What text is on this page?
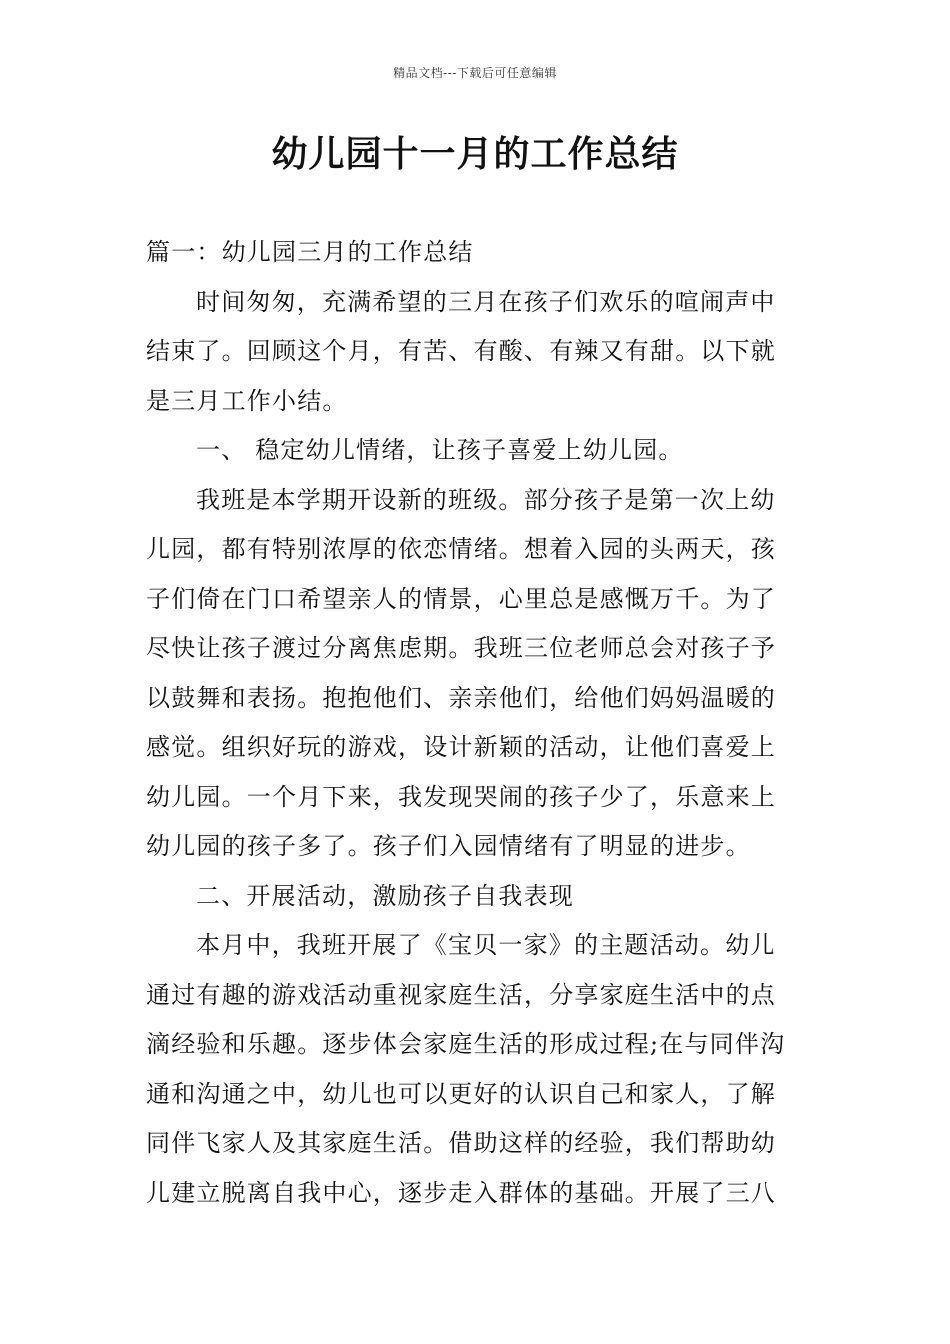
精品文档---下载后可任意编辑
幼儿园十一月的工作总结
篇一：幼儿园三月的工作总结
时间匆匆，充满希望的三月在孩子们欢乐的喧闹声中
结束了。回顾这个月，有苦、有酸、有辣又有甜。以下就
是三月工作小结。
一、 稳定幼儿情绪，让孩子喜爱上幼儿园。
我班是本学期开设新的班级。部分孩子是第一次上幼
儿园，都有特别浓厚的依恋情绪。想着入园的头两天，孩
子们倚在门口希望亲人的情景，心里总是感慨万千。为了
尽快让孩子渡过分离焦虑期。我班三位老师总会对孩子予
以鼓舞和表扬。抱抱他们、亲亲他们，给他们妈妈温暖的
感觉。组织好玩的游戏，设计新颖的活动，让他们喜爱上
幼儿园。一个月下来，我发现哭闹的孩子少了，乐意来上
幼儿园的孩子多了。孩子们入园情绪有了明显的进步。
二、开展活动，激励孩子自我表现
本月中，我班开展了《宝贝一家》的主题活动。幼儿
通过有趣的游戏活动重视家庭生活，分享家庭生活中的点
滴经验和乐趣。逐步体会家庭生活的形成过程;在与同伴沟
通和沟通之中，幼儿也可以更好的认识自己和家人，了解
同伴飞家人及其家庭生活。借助这样的经验，我们帮助幼
儿建立脱离自我中心，逐步走入群体的基础。开展了三八
